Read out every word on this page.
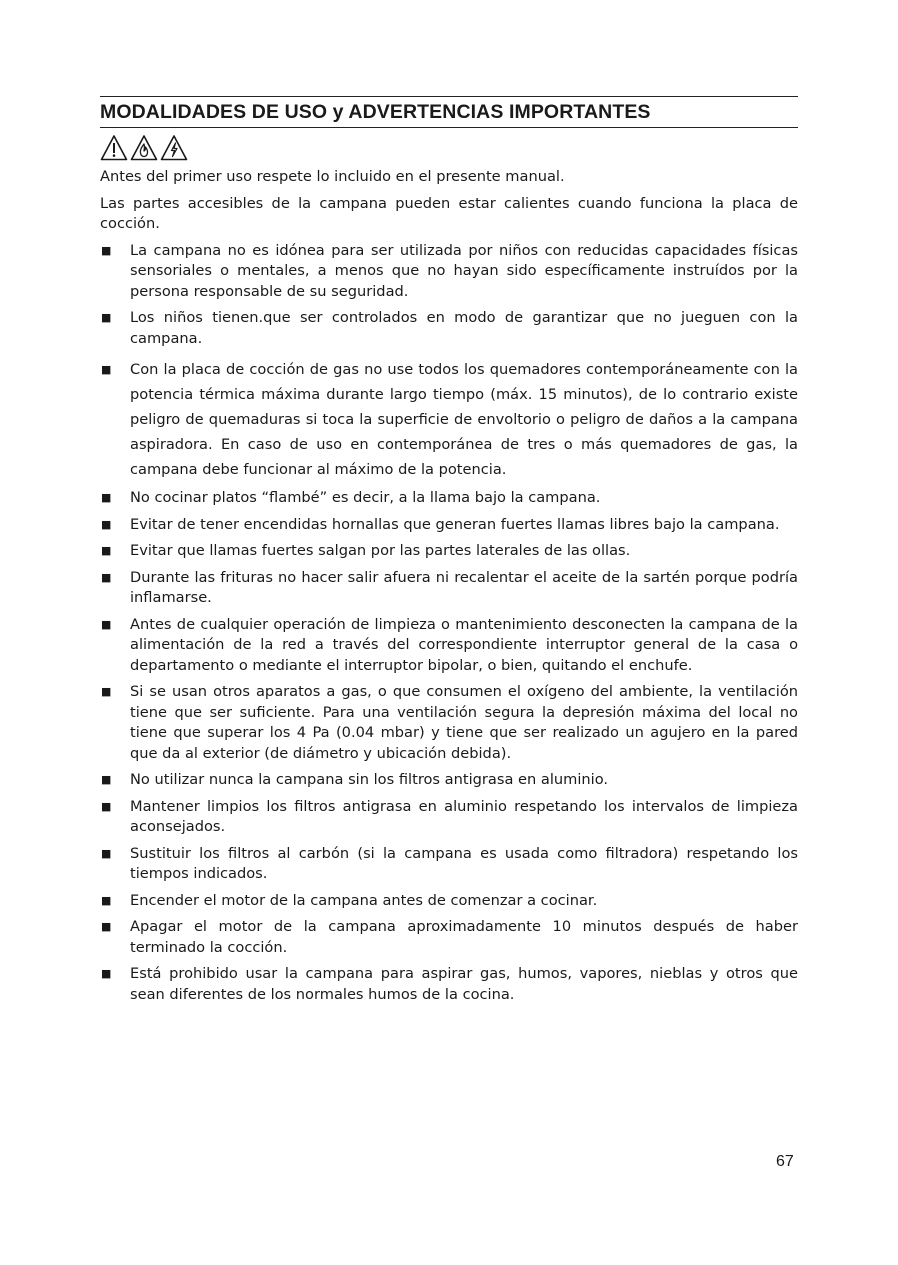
MODALIDADES DE USO y ADVERTENCIAS IMPORTANTES

Antes del primer uso respete lo incluido en el presente manual.

Las partes accesibles de la campana pueden estar calientes cuando funciona la placa de cocción.

■ La campana no es idónea para ser utilizada por niños con reducidas capacidades físicas sensoriales o mentales, a menos que no hayan sido específicamente instruídos por la persona responsable de su seguridad.
■ Los niños tienen.que ser controlados en modo de garantizar que no jueguen con la campana.
■ Con la placa de cocción de gas no use todos los quemadores contemporáneamente con la potencia térmica máxima durante largo tiempo (máx. 15 minutos), de lo contrario existe peligro de quemaduras si toca la superficie de envoltorio o peligro de daños a la campana aspiradora. En caso de uso en contemporánea de tres o más quemadores de gas, la campana debe funcionar al máximo de la potencia.
■ No cocinar platos “flambé” es decir, a la llama bajo la campana.
■ Evitar de tener encendidas hornallas que generan fuertes llamas libres bajo la campana.
■ Evitar que llamas fuertes salgan por las partes laterales de las ollas.
■ Durante las frituras no hacer salir afuera ni recalentar el aceite de la sartén porque podría inflamarse.
■ Antes de cualquier operación de limpieza o mantenimiento desconecten la campana de la alimentación de la red a través del correspondiente interruptor general de la casa o departamento o mediante el interruptor bipolar, o bien, quitando el enchufe.
■ Si se usan otros aparatos a gas, o que consumen el oxígeno del ambiente, la ventilación tiene que ser suficiente. Para una ventilación segura la depresión máxima del local no tiene que superar los 4 Pa (0.04 mbar) y tiene que ser realizado un agujero en la pared que da al exterior (de diámetro y ubicación debida).
■ No utilizar nunca la campana sin los filtros antigrasa en aluminio.
■ Mantener limpios los filtros antigrasa en aluminio respetando los intervalos de limpieza aconsejados.
■ Sustituir los filtros al carbón (si la campana es usada como filtradora) respetando los tiempos indicados.
■ Encender el motor de la campana antes de comenzar a cocinar.
■ Apagar el motor de la campana aproximadamente 10 minutos después de haber terminado la cocción.
■ Está prohibido usar la campana para aspirar gas, humos, vapores, nieblas y otros que sean diferentes de los normales humos de la cocina.
67
